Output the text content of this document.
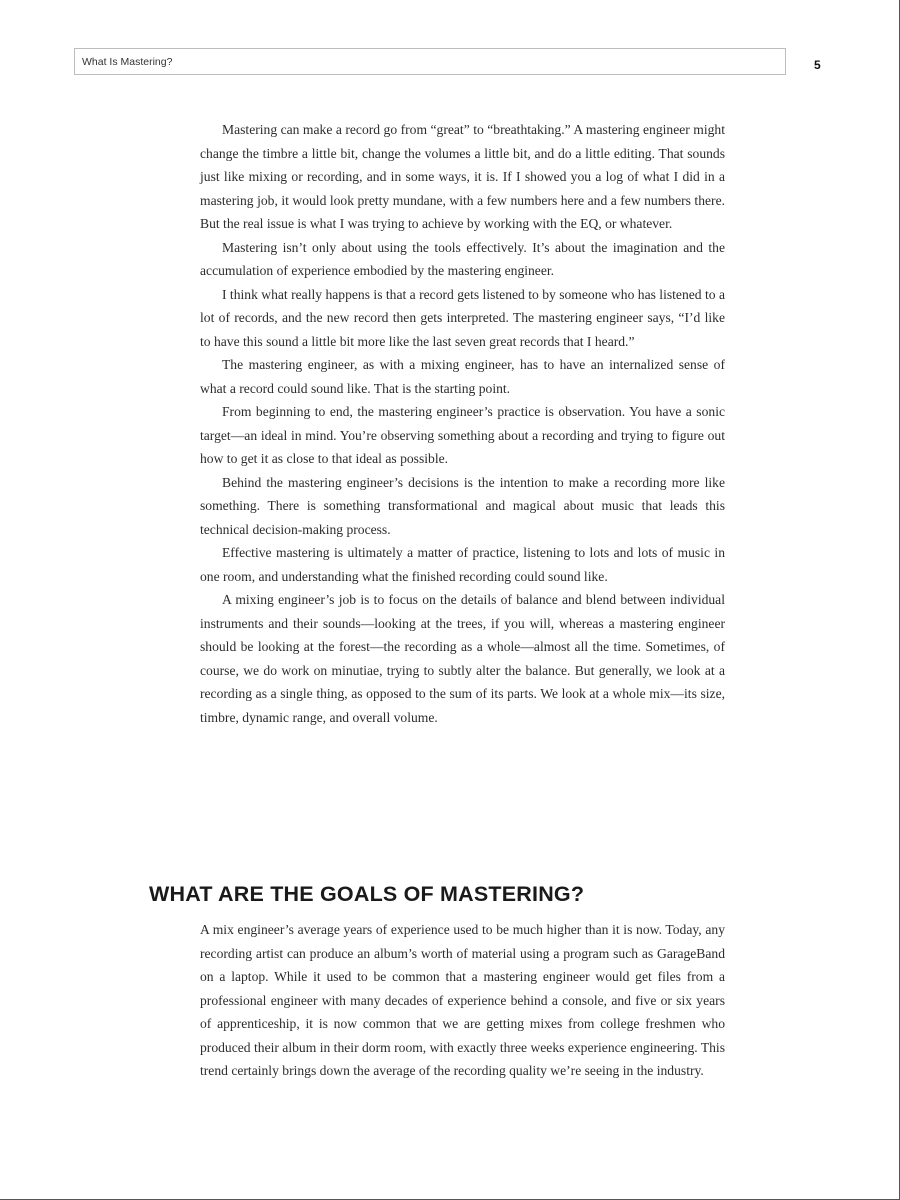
What Is Mastering?	5

Mastering can make a record go from “great” to “breathtaking.” A mastering engineer might change the timbre a little bit, change the volumes a little bit, and do a little editing. That sounds just like mixing or recording, and in some ways, it is. If I showed you a log of what I did in a mastering job, it would look pretty mundane, with a few numbers here and a few numbers there. But the real issue is what I was trying to achieve by working with the EQ, or whatever.

Mastering isn’t only about using the tools effectively. It’s about the imagination and the accumulation of experience embodied by the mastering engineer.

I think what really happens is that a record gets listened to by someone who has listened to a lot of records, and the new record then gets interpreted. The mastering engineer says, “I’d like to have this sound a little bit more like the last seven great records that I heard.”

The mastering engineer, as with a mixing engineer, has to have an internalized sense of what a record could sound like. That is the starting point.

From beginning to end, the mastering engineer’s practice is observation. You have a sonic target—an ideal in mind. You’re observing something about a recording and trying to figure out how to get it as close to that ideal as possible.

Behind the mastering engineer’s decisions is the intention to make a recording more like something. There is something transformational and magical about music that leads this technical decision-making process.

Effective mastering is ultimately a matter of practice, listening to lots and lots of music in one room, and understanding what the finished recording could sound like.

A mixing engineer’s job is to focus on the details of balance and blend between individual instruments and their sounds—looking at the trees, if you will, whereas a mastering engineer should be looking at the forest—the recording as a whole—almost all the time. Sometimes, of course, we do work on minutiae, trying to subtly alter the balance. But generally, we look at a recording as a single thing, as opposed to the sum of its parts. We look at a whole mix—its size, timbre, dynamic range, and overall volume.

WHAT ARE THE GOALS OF MASTERING?

A mix engineer’s average years of experience used to be much higher than it is now. Today, any recording artist can produce an album’s worth of material using a program such as GarageBand on a laptop. While it used to be common that a mastering engineer would get files from a professional engineer with many decades of experience behind a console, and five or six years of apprenticeship, it is now common that we are getting mixes from college freshmen who produced their album in their dorm room, with exactly three weeks experience engineering. This trend certainly brings down the average of the recording quality we’re seeing in the industry.
